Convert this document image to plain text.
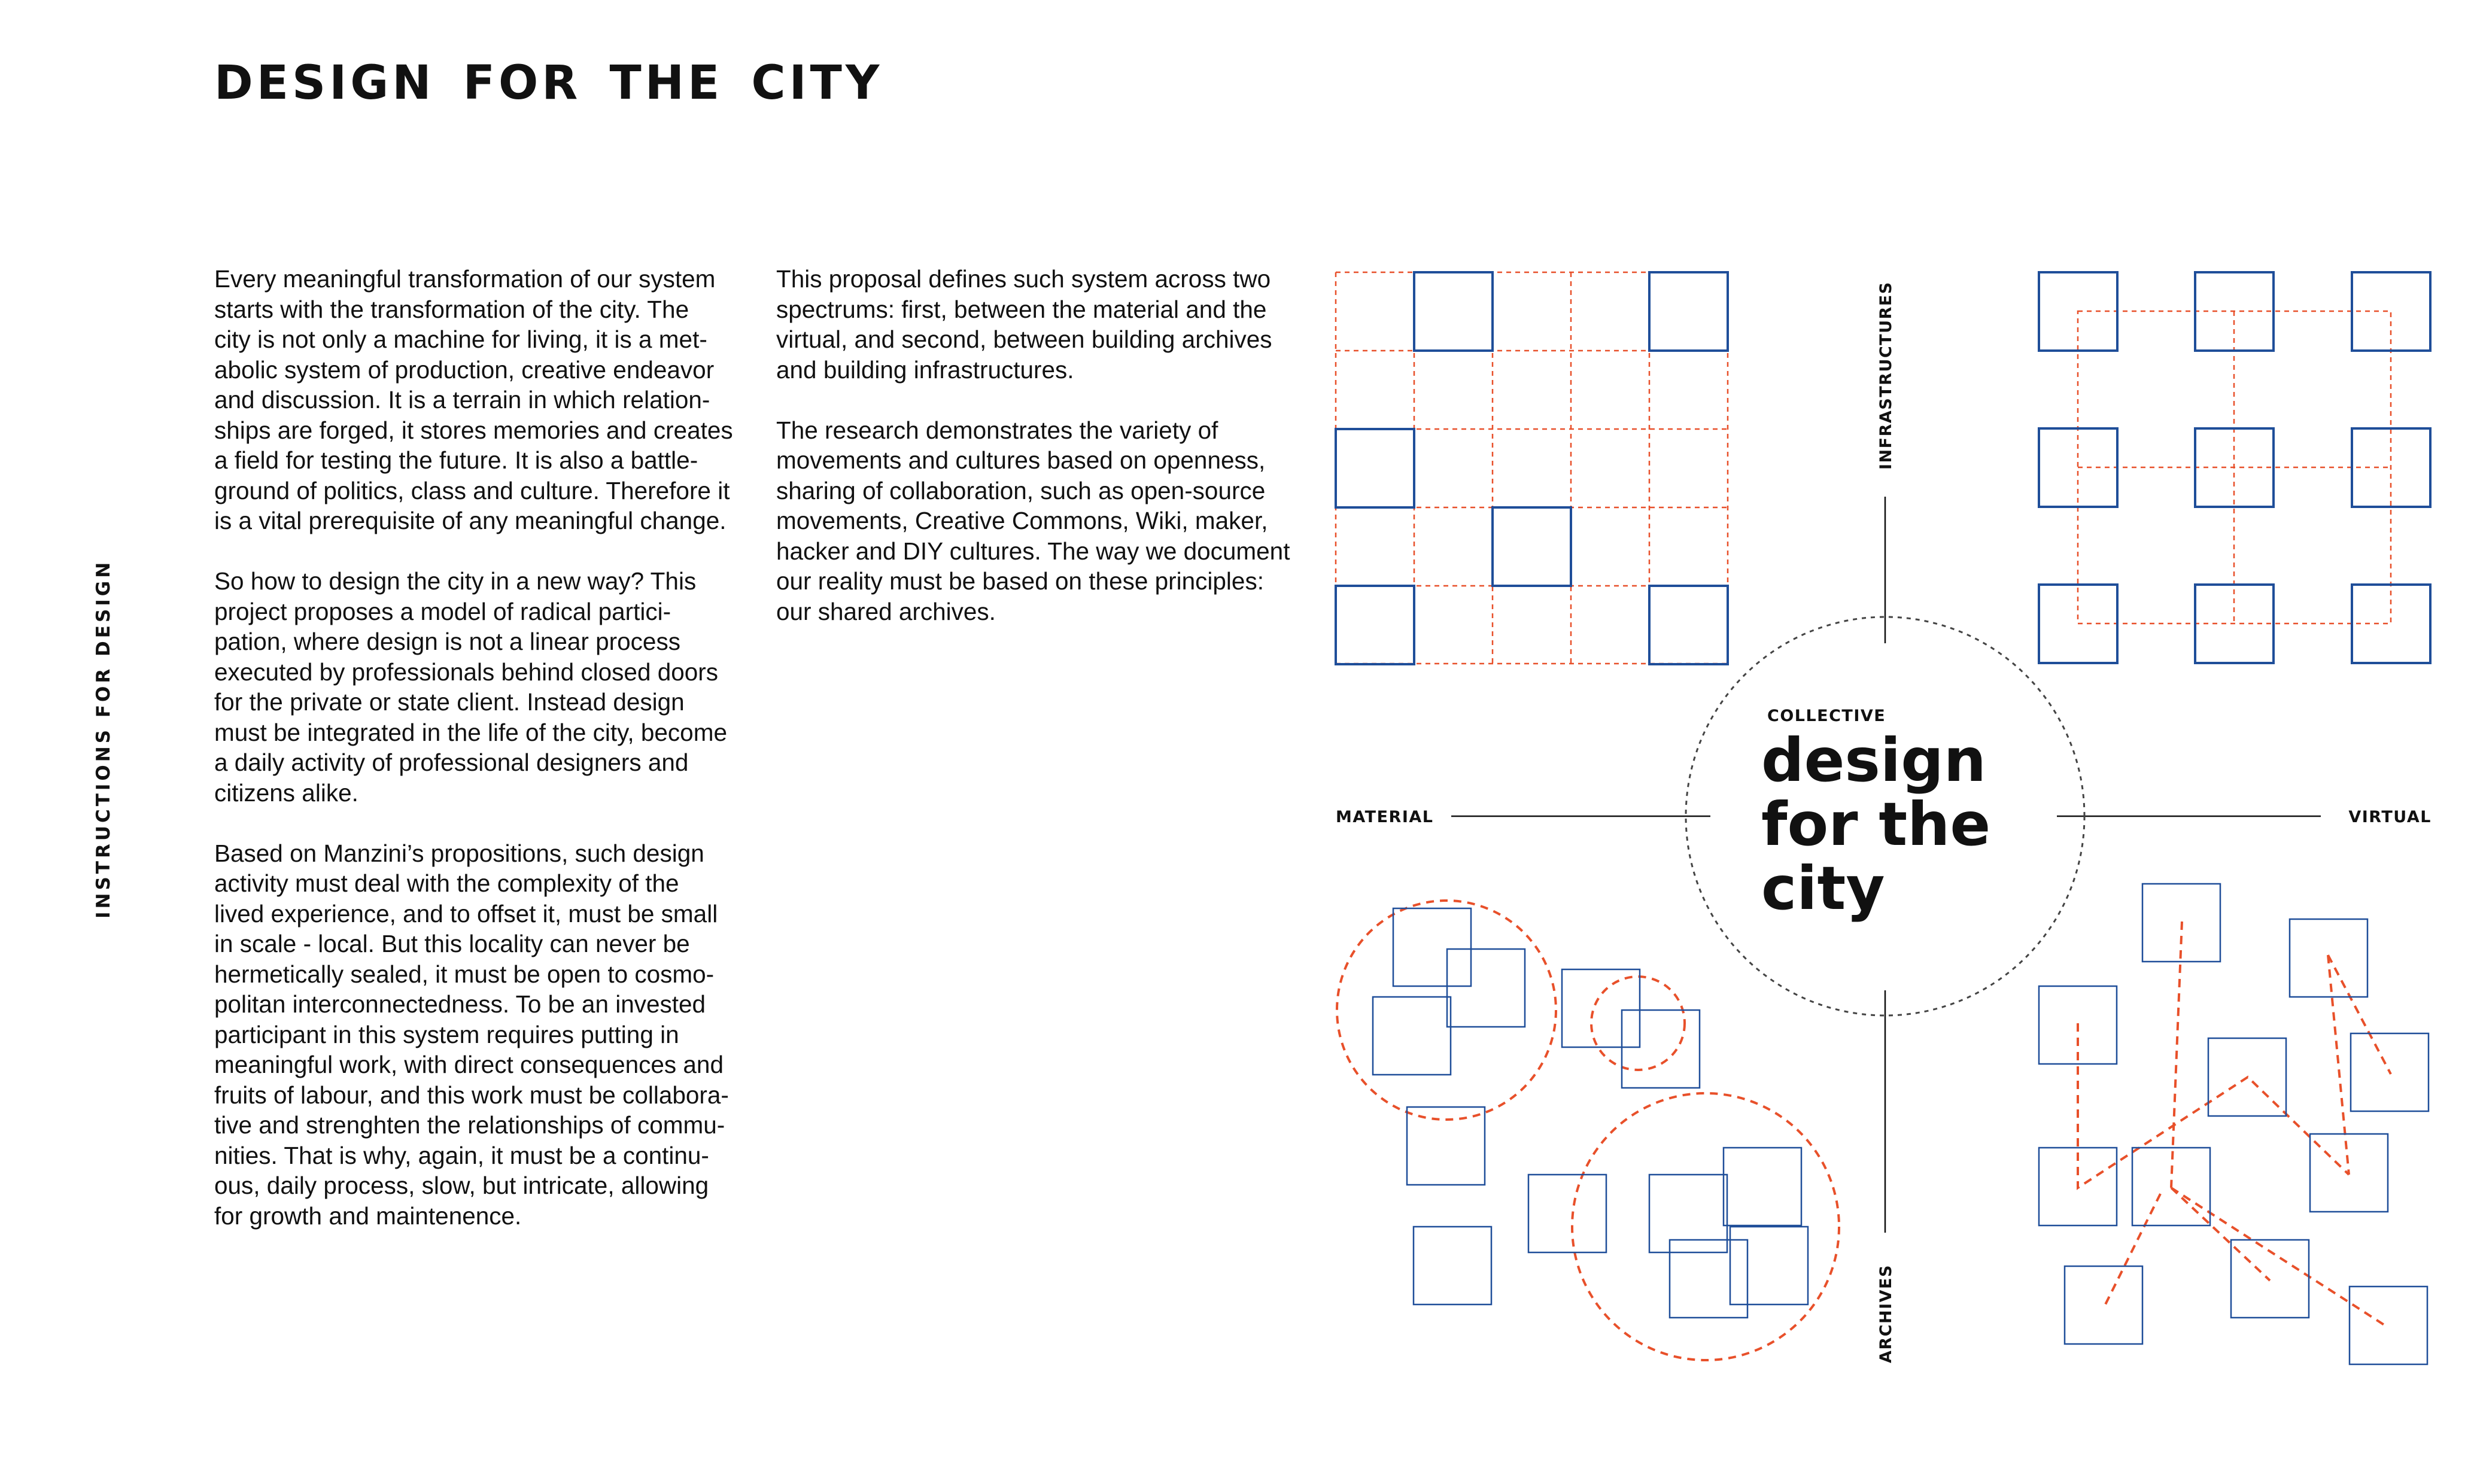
DESIGN FOR THE CITY
INSTRUCTIONS FOR DESIGN

Every meaningful transformation of our system
starts with the transformation of the city. The
city is not only a machine for living, it is a met-
abolic system of production, creative endeavor
and discussion. It is a terrain in which relation-
ships are forged, it stores memories and creates
a field for testing the future. It is also a battle-
ground of politics, class and culture. Therefore it
is a vital prerequisite of any meaningful change.

So how to design the city in a new way? This
project proposes a model of radical partici-
pation, where design is not a linear process
executed by professionals behind closed doors
for the private or state client. Instead design
must be integrated in the life of the city, become
a daily activity of professional designers and
citizens alike.

Based on Manzini’s propositions, such design
activity must deal with the complexity of the
lived experience, and to offset it, must be small
in scale - local. But this locality can never be
hermetically sealed, it must be open to cosmo-
politan interconnectedness. To be an invested
participant in this system requires putting in
meaningful work, with direct consequences and
fruits of labour, and this work must be collabora-
tive and strenghten the relationships of commu-
nities. That is why, again, it must be a continu-
ous, daily process, slow, but intricate, allowing
for growth and maintenence.

This proposal defines such system across two
spectrums: first, between the material and the
virtual, and second, between building archives
and building infrastructures.

The research demonstrates the variety of
movements and cultures based on openness,
sharing of collaboration, such as open-source
movements, Creative Commons, Wiki, maker,
hacker and DIY cultures. The way we document
our reality must be based on these principles:
our shared archives.

MATERIAL	VIRTUAL
INFRASTRUCTURES
ARCHIVES
COLLECTIVE
design
for the
city
